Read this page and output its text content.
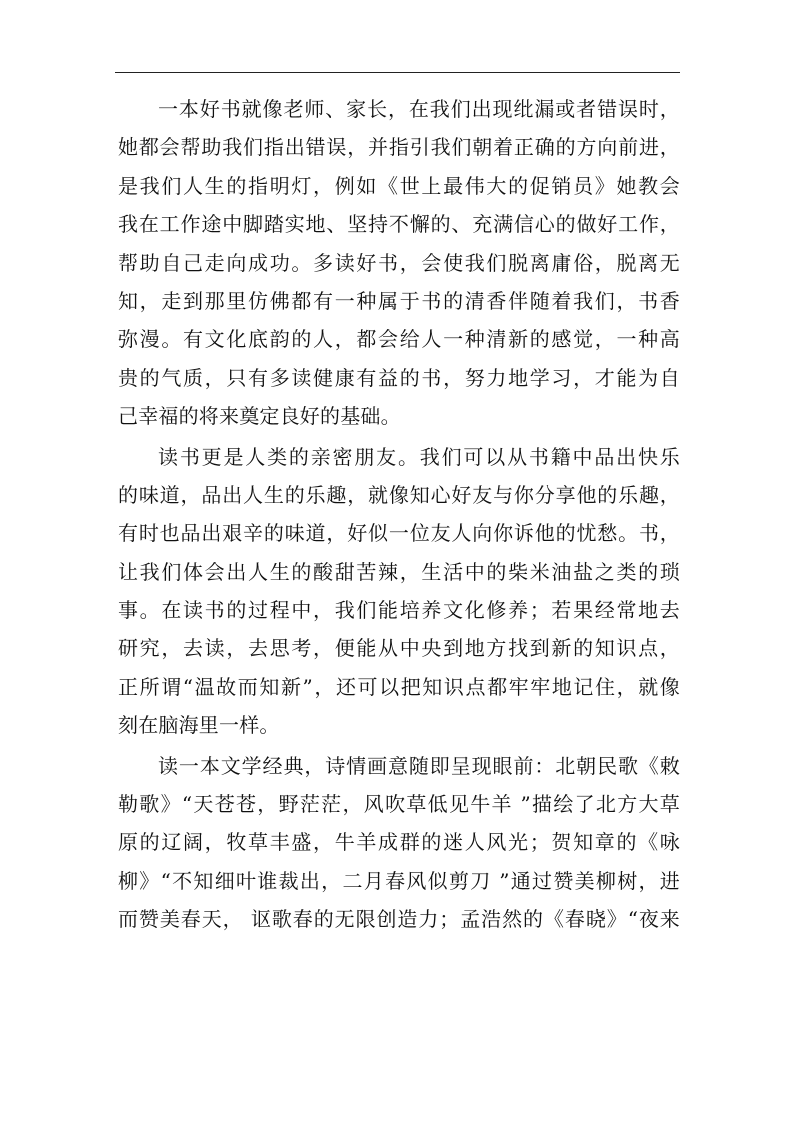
一本好书就像老师、家长，在我们出现纰漏或者错误时，
她都会帮助我们指出错误，并指引我们朝着正确的方向前进，
是我们人生的指明灯，例如《世上最伟大的促销员》她教会
我在工作途中脚踏实地、坚持不懈的、充满信心的做好工作，
帮助自己走向成功。多读好书，会使我们脱离庸俗，脱离无
知，走到那里仿佛都有一种属于书的清香伴随着我们，书香
弥漫。有文化底韵的人，都会给人一种清新的感觉，一种高
贵的气质，只有多读健康有益的书，努力地学习，才能为自
己幸福的将来奠定良好的基础。
读书更是人类的亲密朋友。我们可以从书籍中品出快乐
的味道，品出人生的乐趣，就像知心好友与你分享他的乐趣，
有时也品出艰辛的味道，好似一位友人向你诉他的忧愁。书，
让我们体会出人生的酸甜苦辣，生活中的柴米油盐之类的琐
事。在读书的过程中，我们能培养文化修养；若果经常地去
研究，去读，去思考，便能从中央到地方找到新的知识点，
正所谓“温故而知新”，还可以把知识点都牢牢地记住，就像
刻在脑海里一样。
读一本文学经典，诗情画意随即呈现眼前：北朝民歌《敕
勒歌》“天苍苍，野茫茫，风吹草低见牛羊 ”描绘了北方大草
原的辽阔，牧草丰盛，牛羊成群的迷人风光；贺知章的《咏
柳》“不知细叶谁裁出，二月春风似剪刀 ”通过赞美柳树，进
而赞美春天， 讴歌春的无限创造力；孟浩然的《春晓》“夜来
